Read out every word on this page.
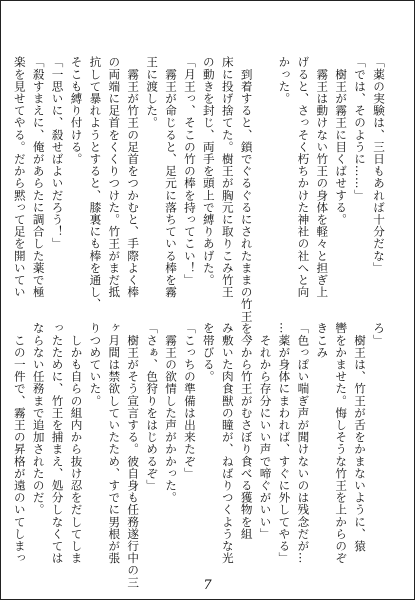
「薬の実験は、三日もあれば十分だな」
「では、そのように……」
　樹王が霧王に目くばせする。
　霧王は動けない竹王の身体を軽々と担ぎ上
げると、さっそく朽ちかけた神社の社へと向
かった。

　到着すると、鎖でぐるぐるにされたままの竹王を、
床に投げ捨てた。樹王が胸元に取りこみ竹王
の動きを封じ、両手を頭上で縛りあげた。
「月王っ、そこの竹の棒を持ってこい！」
　霧王が命じると、足元に落ちている棒を霧
王に渡した。
　霧王が竹王の足首をつかむと、手際よく棒
の両端に足首をくくりつけた。竹王がまだ抵
抗して暴れようとすると、膝裏にも棒を通し、
そこも縛り付ける。
「一思いに、殺せばよいだろう！」
「殺すまえに、俺があらたに調合した薬で極
楽を見せてやる。だから黙って足を開いてい
ろ」
　樹王は、竹王が舌をかまないように、猿
轡をかませた。悔しそうな竹王を上からのぞ
きこみ
「色っぽい喘ぎ声が聞けないのは残念だが…
…薬が身体にまわれば、すぐに外してやる」
　それから存分にいい声で啼ぐがいい」
　今から竹王がむさぼり食べる獲物を組
み敷いた肉食獣の瞳が、ねばりつくような光
を帯びる。
「こっちの準備は出来たぞ」
　霧王の欲情した声がかかった。
「さぁ、色狩りをはじめるぞ」
　樹王がそう宣言する。彼自身も任務遂行中の三
ヶ月間は禁欲していたため、すでに男根が張
りつめていた。
　しかも自らの組内から抜け忍をだしてしま
ったために、竹王を捕まえ、処分しなくては
ならない任務まで追加されたのだ。
　この一件で、霧王の昇格が遠のいてしまっ
7
